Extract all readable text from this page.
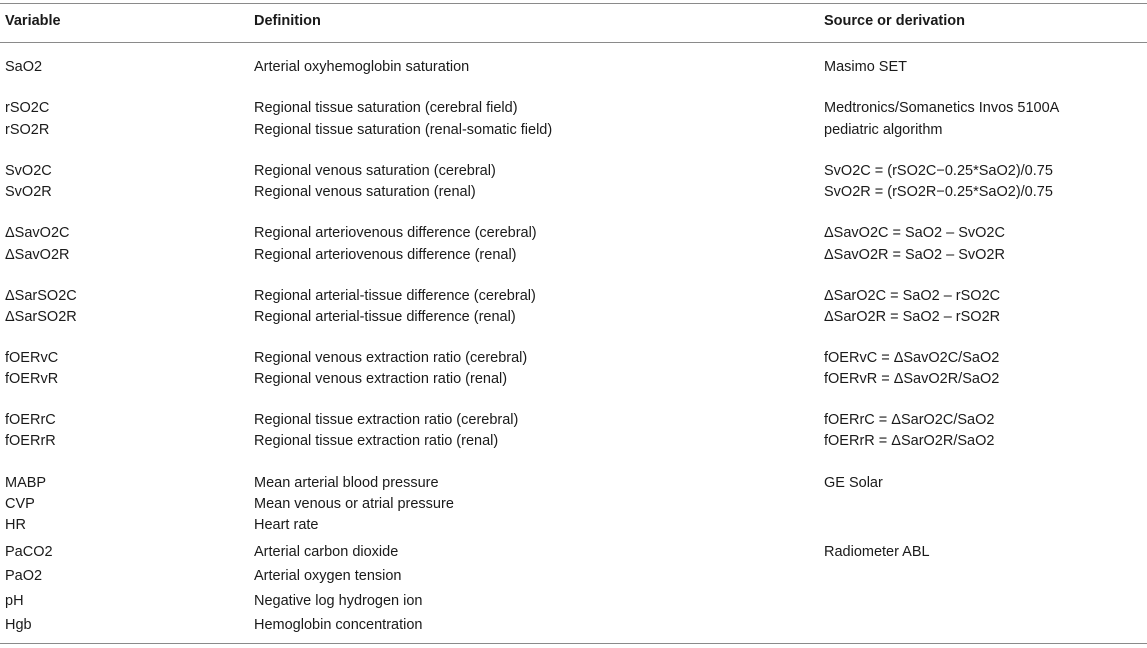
Variable	Definition	Source or derivation
SaO2	Arterial oxyhemoglobin saturation	Masimo SET
rSO2C	Regional tissue saturation (cerebral field)	Medtronics/Somanetics Invos 5100A
rSO2R	Regional tissue saturation (renal-somatic field)	pediatric algorithm
SvO2C	Regional venous saturation (cerebral)	SvO2C = (rSO2C−0.25*SaO2)/0.75
SvO2R	Regional venous saturation (renal)	SvO2R = (rSO2R−0.25*SaO2)/0.75
ΔSavO2C	Regional arteriovenous difference (cerebral)	ΔSavO2C = SaO2 – SvO2C
ΔSavO2R	Regional arteriovenous difference (renal)	ΔSavO2R = SaO2 – SvO2R
ΔSarSO2C	Regional arterial-tissue difference (cerebral)	ΔSarO2C = SaO2 – rSO2C
ΔSarSO2R	Regional arterial-tissue difference (renal)	ΔSarO2R = SaO2 – rSO2R
fOERvC	Regional venous extraction ratio (cerebral)	fOERvC = ΔSavO2C/SaO2
fOERvR	Regional venous extraction ratio (renal)	fOERvR = ΔSavO2R/SaO2
fOERrC	Regional tissue extraction ratio (cerebral)	fOERrC = ΔSarO2C/SaO2
fOERrR	Regional tissue extraction ratio (renal)	fOERrR = ΔSarO2R/SaO2
MABP	Mean arterial blood pressure	GE Solar
CVP	Mean venous or atrial pressure
HR	Heart rate
PaCO2	Arterial carbon dioxide	Radiometer ABL
PaO2	Arterial oxygen tension
pH	Negative log hydrogen ion
Hgb	Hemoglobin concentration
